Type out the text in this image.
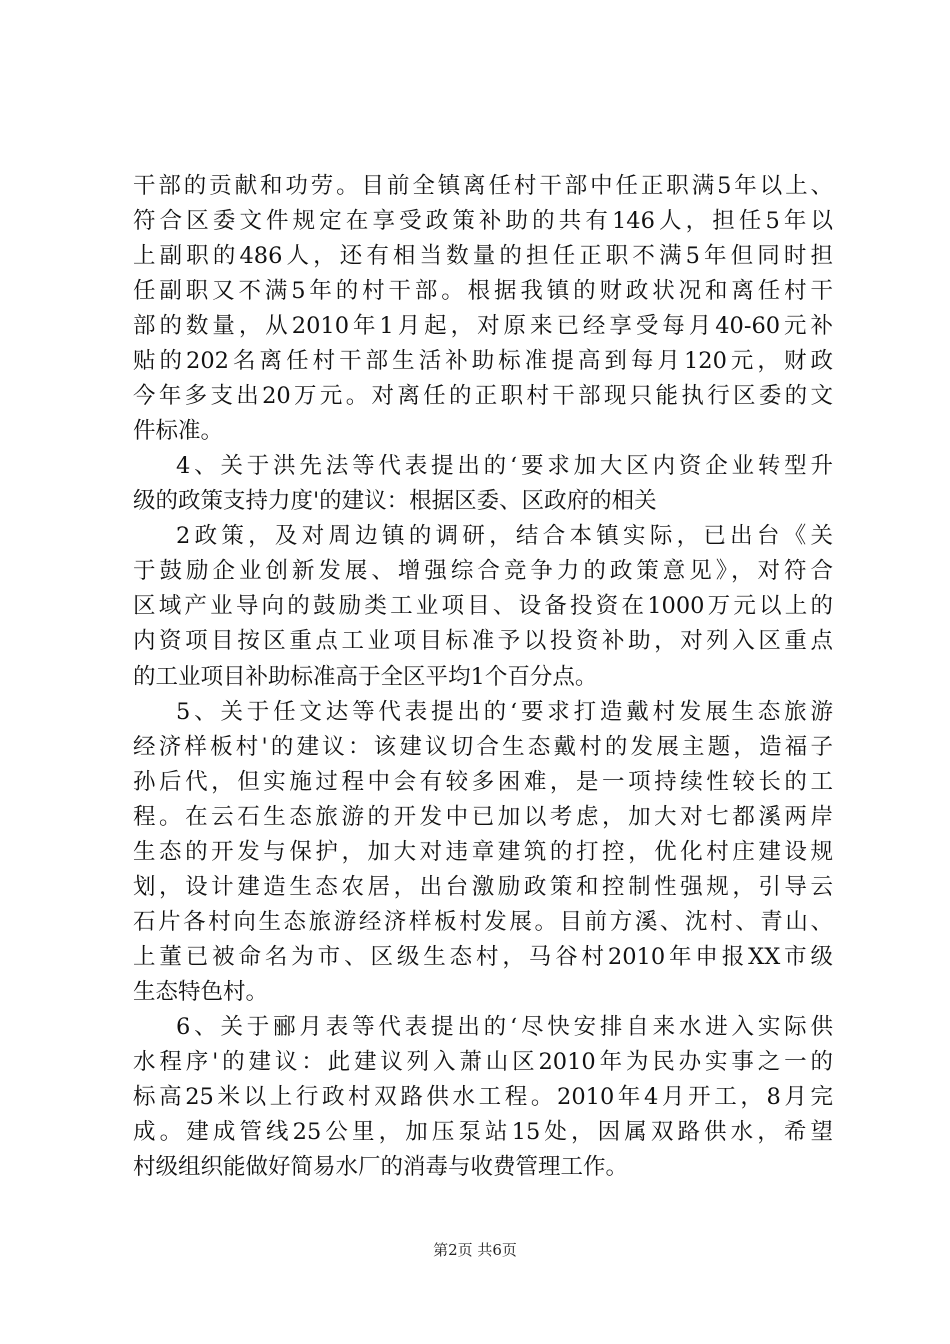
干部的贡献和功劳。目前全镇离任村干部中任正职满5年以上、
符合区委文件规定在享受政策补助的共有146人，担任5年以
上副职的486人，还有相当数量的担任正职不满5年但同时担
任副职又不满5年的村干部。根据我镇的财政状况和离任村干
部的数量，从2010年1月起，对原来已经享受每月40-60元补
贴的202名离任村干部生活补助标准提高到每月120元，财政
今年多支出20万元。对离任的正职村干部现只能执行区委的文
件标准。
4、关于洪先法等代表提出的‘要求加大区内资企业转型升
级的政策支持力度'的建议：根据区委、区政府的相关
2政策，及对周边镇的调研，结合本镇实际，已出台《关
于鼓励企业创新发展、增强综合竞争力的政策意见》，对符合
区域产业导向的鼓励类工业项目、设备投资在1000万元以上的
内资项目按区重点工业项目标准予以投资补助，对列入区重点
的工业项目补助标准高于全区平均1个百分点。
5、关于任文达等代表提出的‘要求打造戴村发展生态旅游
经济样板村'的建议：该建议切合生态戴村的发展主题，造福子
孙后代，但实施过程中会有较多困难，是一项持续性较长的工
程。在云石生态旅游的开发中已加以考虑，加大对七都溪两岸
生态的开发与保护，加大对违章建筑的打控，优化村庄建设规
划，设计建造生态农居，出台激励政策和控制性强规，引导云
石片各村向生态旅游经济样板村发展。目前方溪、沈村、青山、
上董已被命名为市、区级生态村，马谷村2010年申报XX市级
生态特色村。
6、关于郦月表等代表提出的‘尽快安排自来水进入实际供
水程序'的建议：此建议列入萧山区2010年为民办实事之一的
标高25米以上行政村双路供水工程。2010年4月开工，8月完
成。建成管线25公里，加压泵站15处，因属双路供水，希望
村级组织能做好简易水厂的消毒与收费管理工作。
第2页 共6页
